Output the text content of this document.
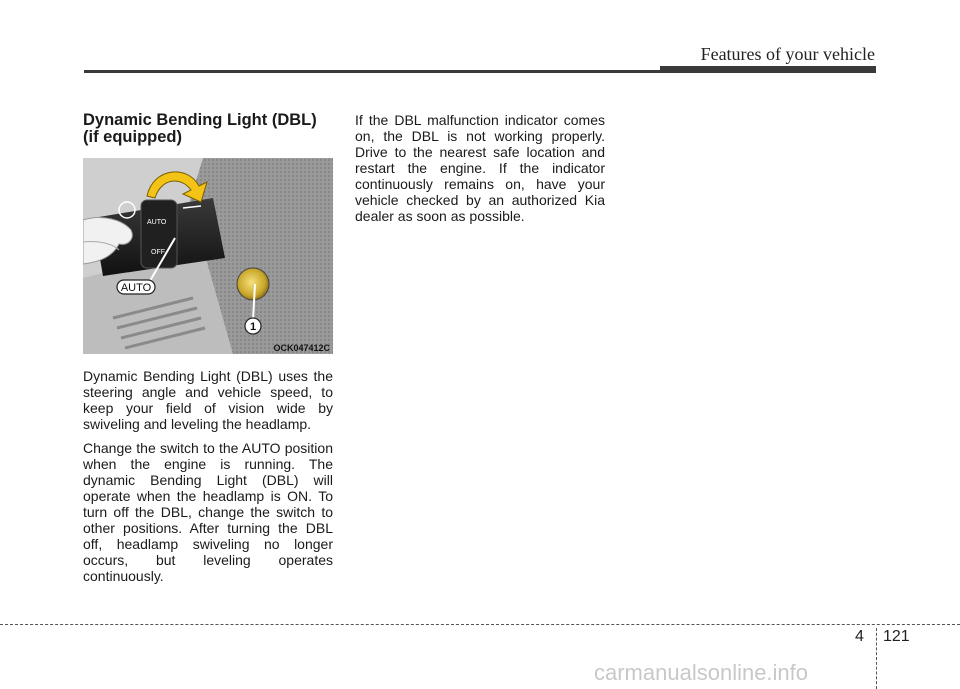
Features of your vehicle
Dynamic Bending Light (DBL)
(if equipped)
AUTO
OFF
AUTO
1
OCK047412C

Dynamic Bending Light (DBL) uses the steering angle and vehicle speed, to keep your field of vision wide by swiveling and leveling the headlamp.

Change the switch to the AUTO position when the engine is running. The dynamic Bending Light (DBL) will operate when the headlamp is ON. To turn off the DBL, change the switch to other positions. After turning the DBL off, headlamp swiveling no longer occurs, but leveling operates continuously.

If the DBL malfunction indicator comes on, the DBL is not working properly. Drive to the nearest safe location and restart the engine. If the indicator continuously remains on, have your vehicle checked by an authorized Kia dealer as soon as possible.

4 121
carmanualsonline.info
